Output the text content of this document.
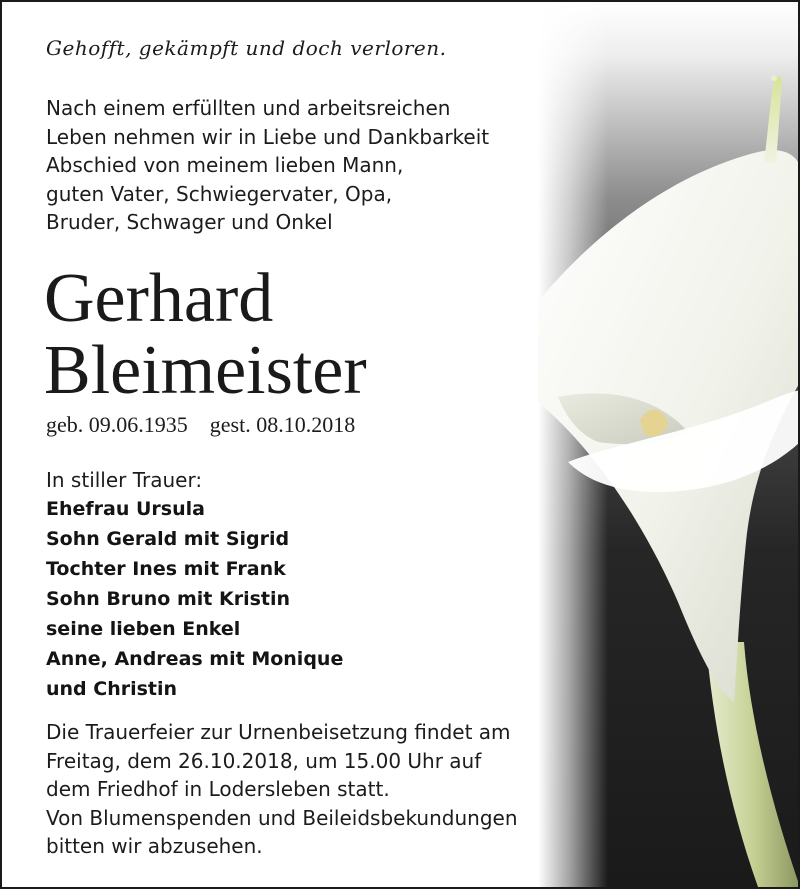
Gehofft, gekämpft und doch verloren.

Nach einem erfüllten und arbeitsreichen
Leben nehmen wir in Liebe und Dankbarkeit
Abschied von meinem lieben Mann,
guten Vater, Schwiegervater, Opa,
Bruder, Schwager und Onkel

Gerhard
Bleimeister
geb. 09.06.1935 gest. 08.10.2018
In stiller Trauer:
Ehefrau Ursula
Sohn Gerald mit Sigrid
Tochter Ines mit Frank
Sohn Bruno mit Kristin
seine lieben Enkel
Anne, Andreas mit Monique
und Christin

Die Trauerfeier zur Urnenbeisetzung findet am
Freitag, dem 26.10.2018, um 15.00 Uhr auf
dem Friedhof in Lodersleben statt.
Von Blumenspenden und Beileidsbekundungen
bitten wir abzusehen.
